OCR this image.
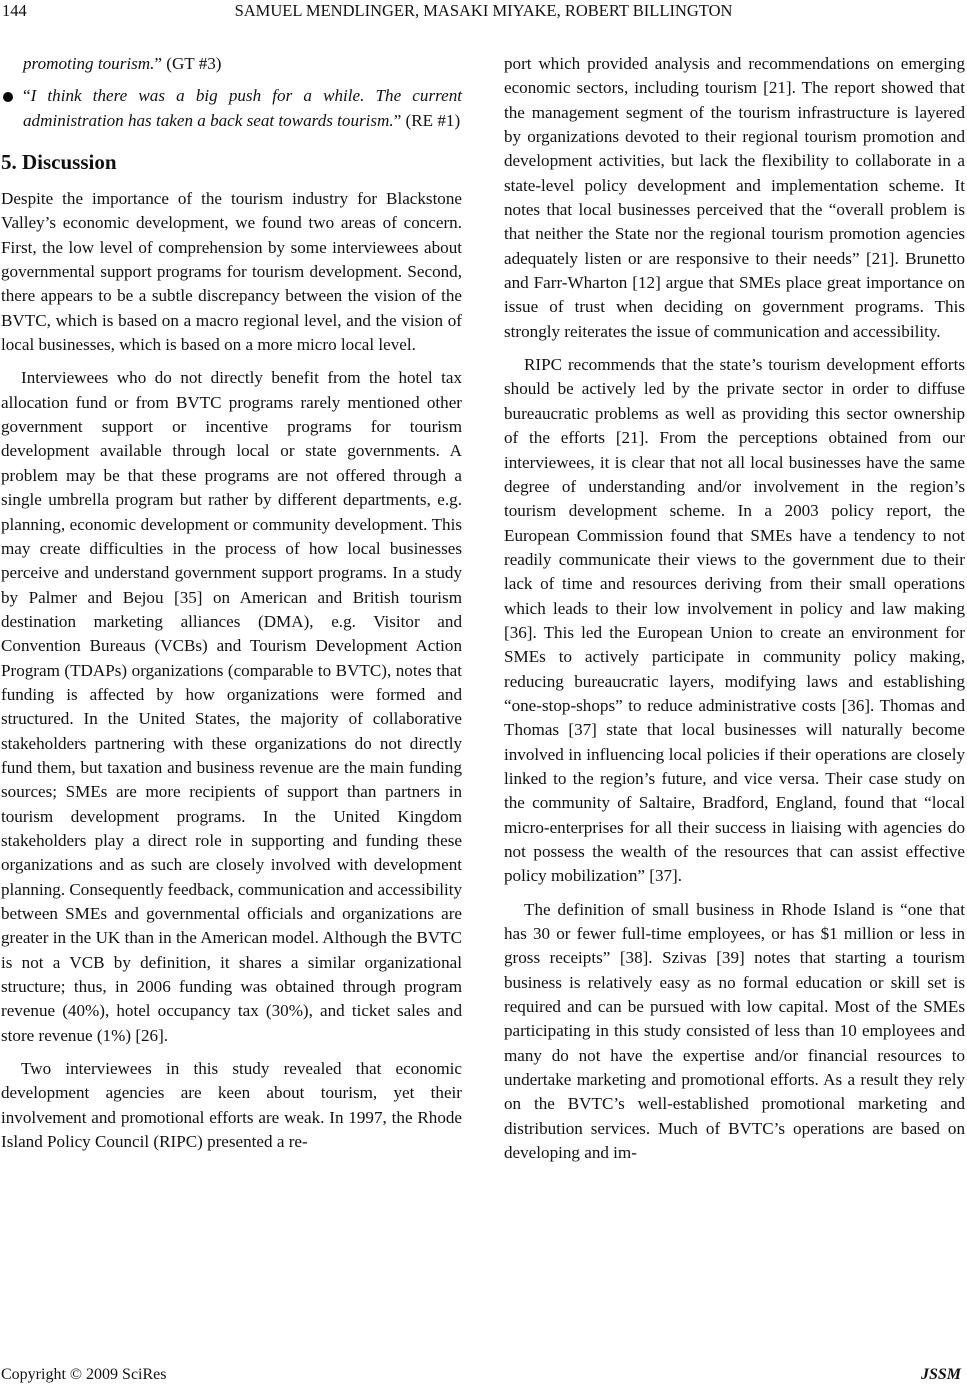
144	SAMUEL MENDLINGER, MASAKI MIYAKE, ROBERT BILLINGTON

promoting tourism.” (GT #3)

“I think there was a big push for a while. The current administration has taken a back seat towards tourism.” (RE #1)
5. Discussion

Despite the importance of the tourism industry for Blackstone Valley’s economic development, we found two areas of concern. First, the low level of comprehension by some interviewees about governmental support programs for tourism development. Second, there appears to be a subtle discrepancy between the vision of the BVTC, which is based on a macro regional level, and the vision of local businesses, which is based on a more micro local level.

Interviewees who do not directly benefit from the hotel tax allocation fund or from BVTC programs rarely mentioned other government support or incentive programs for tourism development available through local or state governments. A problem may be that these programs are not offered through a single umbrella program but rather by different departments, e.g. planning, economic development or community development. This may create difficulties in the process of how local businesses perceive and understand government support programs. In a study by Palmer and Bejou [35] on American and British tourism destination marketing alliances (DMA), e.g. Visitor and Convention Bureaus (VCBs) and Tourism Development Action Program (TDAPs) organizations (comparable to BVTC), notes that funding is affected by how organizations were formed and structured. In the United States, the majority of collaborative stakeholders partnering with these organizations do not directly fund them, but taxation and business revenue are the main funding sources; SMEs are more recipients of support than partners in tourism development programs. In the United Kingdom stakeholders play a direct role in supporting and funding these organizations and as such are closely involved with development planning. Consequently feedback, communication and accessibility between SMEs and governmental officials and organizations are greater in the UK than in the American model. Although the BVTC is not a VCB by definition, it shares a similar organizational structure; thus, in 2006 funding was obtained through program revenue (40%), hotel occupancy tax (30%), and ticket sales and store revenue (1%) [26].

Two interviewees in this study revealed that economic development agencies are keen about tourism, yet their involvement and promotional efforts are weak. In 1997, the Rhode Island Policy Council (RIPC) presented a re-

port which provided analysis and recommendations on emerging economic sectors, including tourism [21]. The report showed that the management segment of the tourism infrastructure is layered by organizations devoted to their regional tourism promotion and development activities, but lack the flexibility to collaborate in a state-level policy development and implementation scheme. It notes that local businesses perceived that the “overall problem is that neither the State nor the regional tourism promotion agencies adequately listen or are responsive to their needs” [21]. Brunetto and Farr-Wharton [12] argue that SMEs place great importance on issue of trust when deciding on government programs. This strongly reiterates the issue of communication and accessibility.

RIPC recommends that the state’s tourism development efforts should be actively led by the private sector in order to diffuse bureaucratic problems as well as providing this sector ownership of the efforts [21]. From the perceptions obtained from our interviewees, it is clear that not all local businesses have the same degree of understanding and/or involvement in the region’s tourism development scheme. In a 2003 policy report, the European Commission found that SMEs have a tendency to not readily communicate their views to the government due to their lack of time and resources deriving from their small operations which leads to their low involvement in policy and law making [36]. This led the European Union to create an environment for SMEs to actively participate in community policy making, reducing bureaucratic layers, modifying laws and establishing “one-stop-shops” to reduce administrative costs [36]. Thomas and Thomas [37] state that local businesses will naturally become involved in influencing local policies if their operations are closely linked to the region’s future, and vice versa. Their case study on the community of Saltaire, Bradford, England, found that “local micro-enterprises for all their success in liaising with agencies do not possess the wealth of the resources that can assist effective policy mobilization” [37].

The definition of small business in Rhode Island is “one that has 30 or fewer full-time employees, or has $1 million or less in gross receipts” [38]. Szivas [39] notes that starting a tourism business is relatively easy as no formal education or skill set is required and can be pursued with low capital. Most of the SMEs participating in this study consisted of less than 10 employees and many do not have the expertise and/or financial resources to undertake marketing and promotional efforts. As a result they rely on the BVTC’s well-established promotional marketing and distribution services. Much of BVTC’s operations are based on developing and im-

Copyright © 2009 SciRes	JSSM
